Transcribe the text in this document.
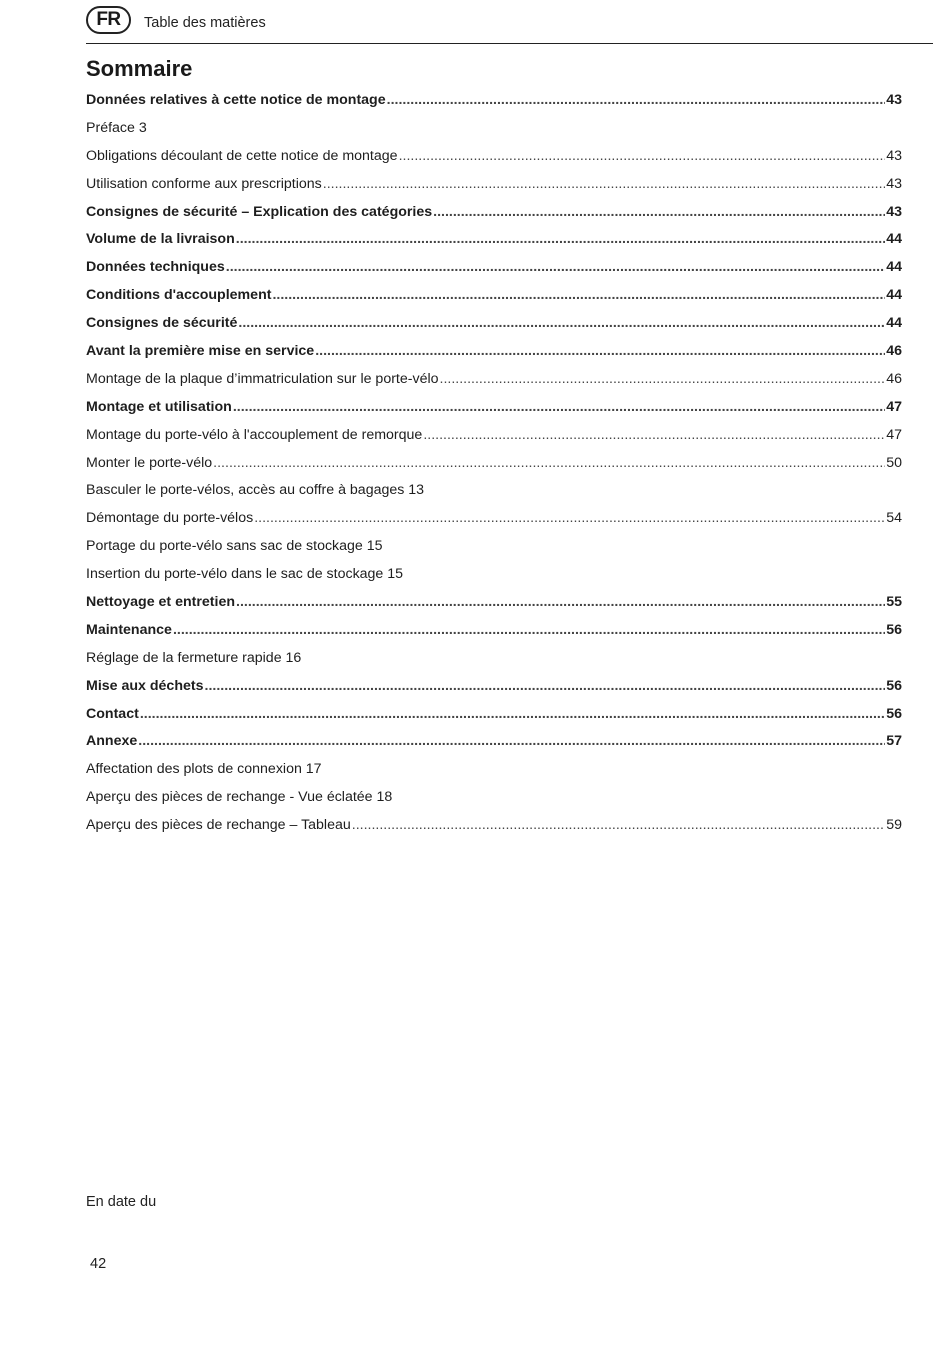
FR	Table des matières
Sommaire
Données relatives à cette notice de montage .....	43
Préface 3
Obligations découlant de cette notice de montage .....	43
Utilisation conforme aux prescriptions .....	43
Consignes de sécurité – Explication des catégories .....	43
Volume de la livraison .....	44
Données techniques .....	44
Conditions d'accouplement .....	44
Consignes de sécurité .....	44
Avant la première mise en service .....	46
Montage de la plaque d’immatriculation sur le porte-vélo .....	46
Montage et utilisation .....	47
Montage du porte-vélo à l'accouplement de remorque .....	47
Monter le porte-vélo .....	50
Basculer le porte-vélos, accès au coffre à bagages 13
Démontage du porte-vélos .....	54
Portage du porte-vélo sans sac de stockage 15
Insertion du porte-vélo dans le sac de stockage 15
Nettoyage et entretien .....	55
Maintenance .....	56
Réglage de la fermeture rapide 16
Mise aux déchets .....	56
Contact .....	56
Annexe .....	57
Affectation des plots de connexion 17
Aperçu des pièces de rechange - Vue éclatée 18
Aperçu des pièces de rechange – Tableau .....	59
En date du
42
